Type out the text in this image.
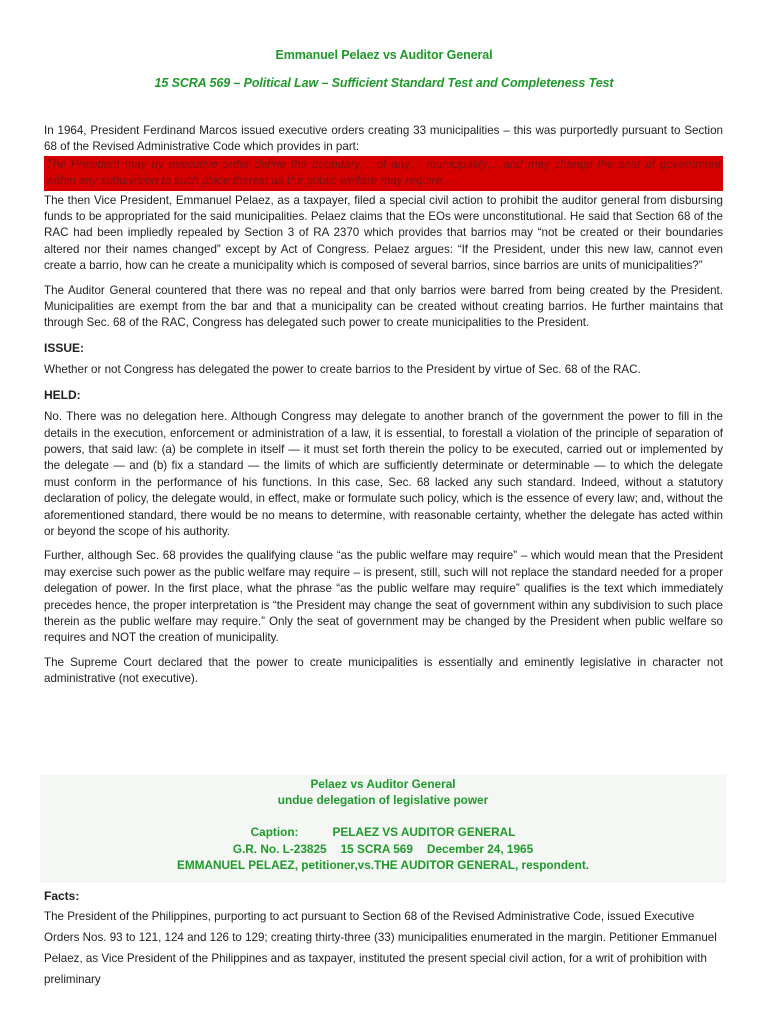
Emmanuel Pelaez vs Auditor General
15 SCRA 569 – Political Law – Sufficient Standard Test and Completeness Test

In 1964, President Ferdinand Marcos issued executive orders creating 33 municipalities – this was purportedly pursuant to Section 68 of the Revised Administrative Code which provides in part:

The President may by executive order define the boundary… of any… municipality… and may change the seat of government within any subdivision to such place therein as the public welfare may require…

The then Vice President, Emmanuel Pelaez, as a taxpayer, filed a special civil action to prohibit the auditor general from disbursing funds to be appropriated for the said municipalities. Pelaez claims that the EOs were unconstitutional. He said that Section 68 of the RAC had been impliedly repealed by Section 3 of RA 2370 which provides that barrios may “not be created or their boundaries altered nor their names changed” except by Act of Congress. Pelaez argues: “If the President, under this new law, cannot even create a barrio, how can he create a municipality which is composed of several barrios, since barrios are units of municipalities?”

The Auditor General countered that there was no repeal and that only barrios were barred from being created by the President. Municipalities are exempt from the bar and that a municipality can be created without creating barrios. He further maintains that through Sec. 68 of the RAC, Congress has delegated such power to create municipalities to the President.

ISSUE:

Whether or not Congress has delegated the power to create barrios to the President by virtue of Sec. 68 of the RAC.

HELD:

No. There was no delegation here. Although Congress may delegate to another branch of the government the power to fill in the details in the execution, enforcement or administration of a law, it is essential, to forestall a violation of the principle of separation of powers, that said law: (a) be complete in itself — it must set forth therein the policy to be executed, carried out or implemented by the delegate — and (b) fix a standard — the limits of which are sufficiently determinate or determinable — to which the delegate must conform in the performance of his functions. In this case, Sec. 68 lacked any such standard. Indeed, without a statutory declaration of policy, the delegate would, in effect, make or formulate such policy, which is the essence of every law; and, without the aforementioned standard, there would be no means to determine, with reasonable certainty, whether the delegate has acted within or beyond the scope of his authority.

Further, although Sec. 68 provides the qualifying clause “as the public welfare may require” – which would mean that the President may exercise such power as the public welfare may require – is present, still, such will not replace the standard needed for a proper delegation of power. In the first place, what the phrase “as the public welfare may require” qualifies is the text which immediately precedes hence, the proper interpretation is “the President may change the seat of government within any subdivision to such place therein as the public welfare may require.” Only the seat of government may be changed by the President when public welfare so requires and NOT the creation of municipality.

The Supreme Court declared that the power to create municipalities is essentially and eminently legislative in character not administrative (not executive).

Pelaez vs Auditor General
undue delegation of legislative power
Caption:	PELAEZ VS AUDITOR GENERAL
G.R. No. L-23825 15 SCRA 569 December 24, 1965
EMMANUEL PELAEZ, petitioner,vs.THE AUDITOR GENERAL, respondent.
Facts:
The President of the Philippines, purporting to act pursuant to Section 68 of the Revised Administrative Code, issued Executive Orders Nos. 93 to 121, 124 and 126 to 129; creating thirty-three (33) municipalities enumerated in the margin. Petitioner Emmanuel Pelaez, as Vice President of the Philippines and as taxpayer, instituted the present special civil action, for a writ of prohibition with preliminary
